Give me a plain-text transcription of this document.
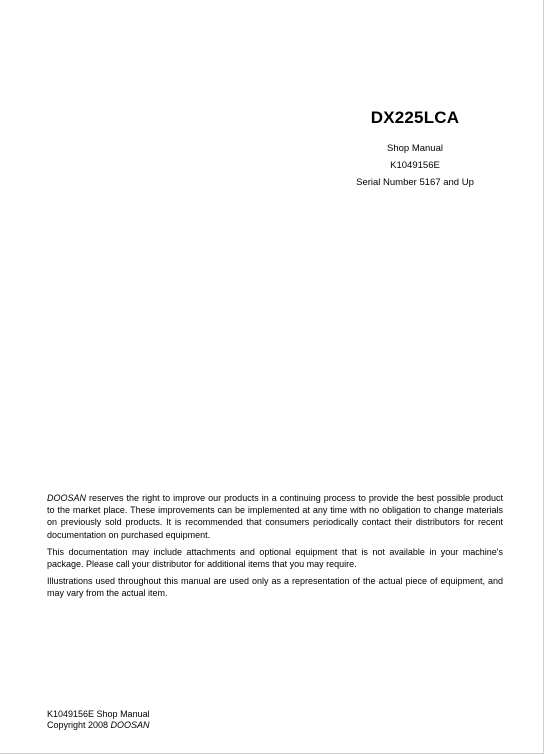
DX225LCA
Shop Manual
K1049156E
Serial Number 5167 and Up

DOOSAN reserves the right to improve our products in a continuing process to provide the best possible product to the market place. These improvements can be implemented at any time with no obligation to change materials on previously sold products. It is recommended that consumers periodically contact their distributors for recent documentation on purchased equipment.

This documentation may include attachments and optional equipment that is not available in your machine's package. Please call your distributor for additional items that you may require.

Illustrations used throughout this manual are used only as a representation of the actual piece of equipment, and may vary from the actual item.

K1049156E Shop Manual
Copyright 2008 DOOSAN
